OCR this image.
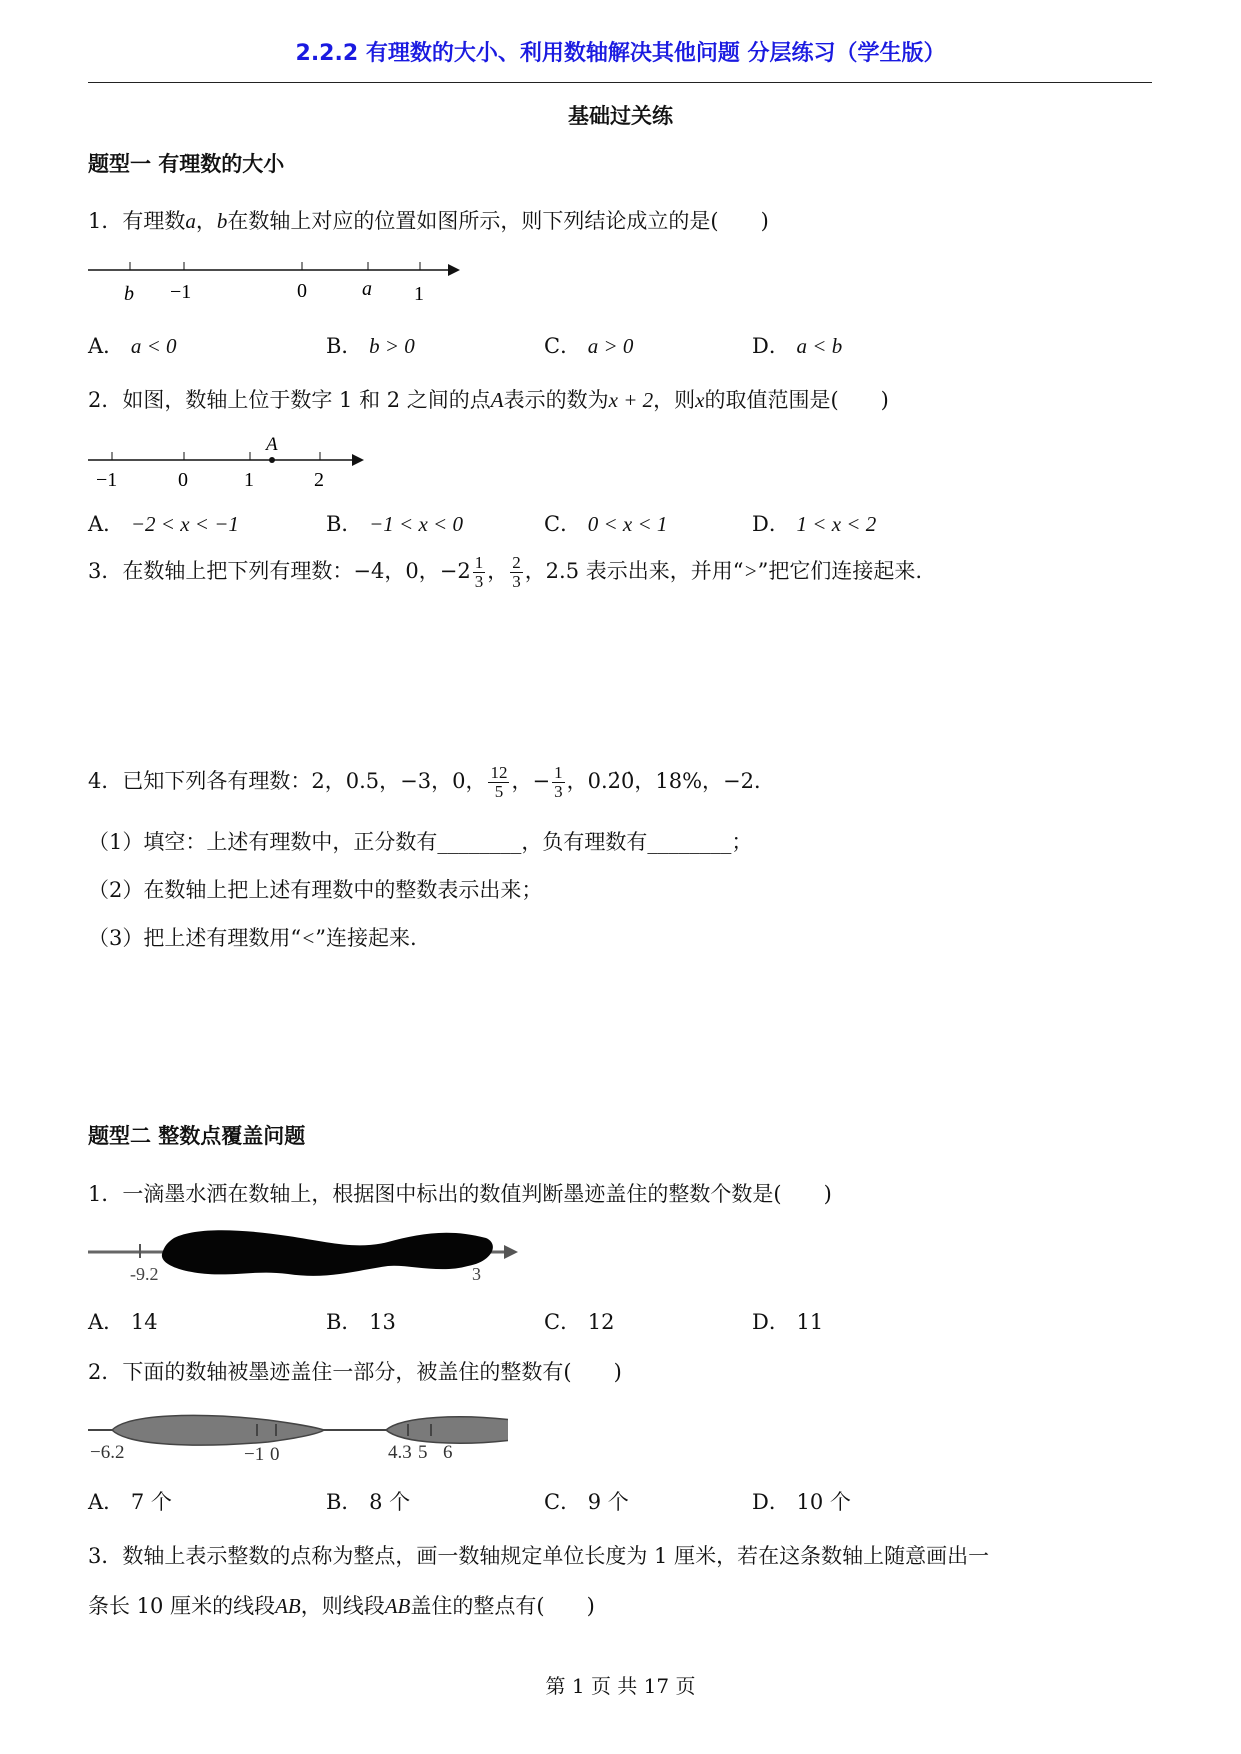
2.2.2 有理数的大小、利用数轴解决其他问题 分层练习（学生版）
基础过关练
题型一 有理数的大小
1．有理数a，b在数轴上对应的位置如图所示，则下列结论成立的是(　　)
b −1	0	a 1
A． a < 0	B． b > 0	C． a > 0	D． a < b
2．如图，数轴上位于数字 1 和 2 之间的点A表示的数为x + 2，则x的取值范围是(　　)
A
−1	0	1	2
A． −2 < x < −1	B． −1 < x < 0	C． 0 < x < 1	D． 1 < x < 2
3．在数轴上把下列有理数：−4，0，$-2 \frac{1}{3}$ ， $\frac{2}{3}$ ，2.5 表示出来，并用“>”把它们连接起来.
4．已知下列各有理数：2，0.5，−3，0， $\frac{12}{5}$ ，− $\frac{1}{3}$ ，0.2̇0̇，18%，−2．
（1）填空：上述有理数中，正分数有________，负有理数有________；
（2）在数轴上把上述有理数中的整数表示出来；
（3）把上述有理数用“<”连接起来.
题型二 整数点覆盖问题
1．一滴墨水洒在数轴上，根据图中标出的数值判断墨迹盖住的整数个数是(　　)
-9.2	3
A． 14	B． 13	C． 12	D． 11
2．下面的数轴被墨迹盖住一部分，被盖住的整数有(　　)
−6.2	−1 0	4.3 5 6
A． 7 个	B． 8 个	C． 9 个	D． 10 个
3．数轴上表示整数的点称为整点，画一数轴规定单位长度为 1 厘米，若在这条数轴上随意画出一
条长 10 厘米的线段AB，则线段AB盖住的整点有(　　)
第 1 页 共 17 页
